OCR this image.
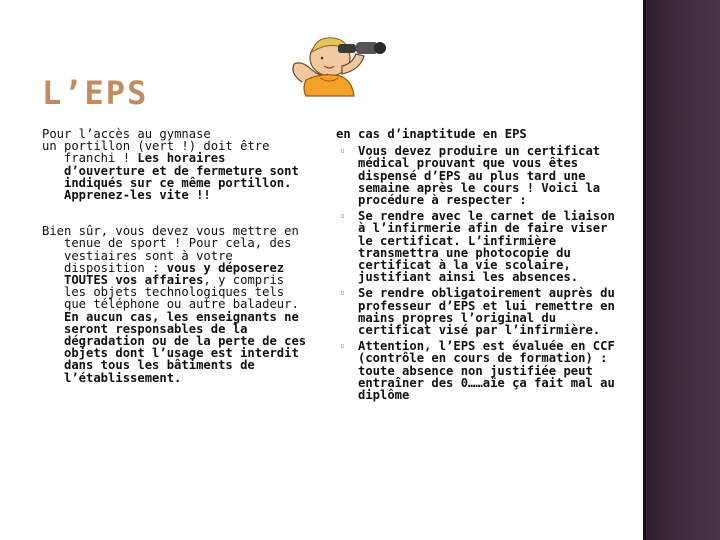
L’EPS

Pour l’accès au gymnase

un portillon (vert !) doit être franchi ! Les horaires d’ouverture et de fermeture sont indiqués sur ce même portillon. Apprenez-les vite !!

Bien sûr, vous devez vous mettre en tenue de sport ! Pour cela, des vestiaires sont à votre disposition : vous y déposerez TOUTES vos affaires, y compris les objets technologiques tels que téléphone ou autre baladeur. En aucun cas, les enseignants ne seront responsables de la dégradation ou de la perte de ces objets dont l’usage est interdit dans tous les bâtiments de l’établissement.

en cas d’inaptitude en EPS

▫ Vous devez produire un certificat médical prouvant que vous êtes dispensé d’EPS au plus tard une semaine après le cours ! Voici la procédure à respecter :
▫ Se rendre avec le carnet de liaison à l’infirmerie afin de faire viser le certificat. L’infirmière transmettra une photocopie du certificat à la vie scolaire, justifiant ainsi les absences.
▫ Se rendre obligatoirement auprès du professeur d’EPS et lui remettre en mains propres l’original du certificat visé par l’infirmière.
▫ Attention, l’EPS est évaluée en CCF (contrôle en cours de formation) : toute absence non justifiée peut entraîner des 0……aïe ça fait mal au diplôme
